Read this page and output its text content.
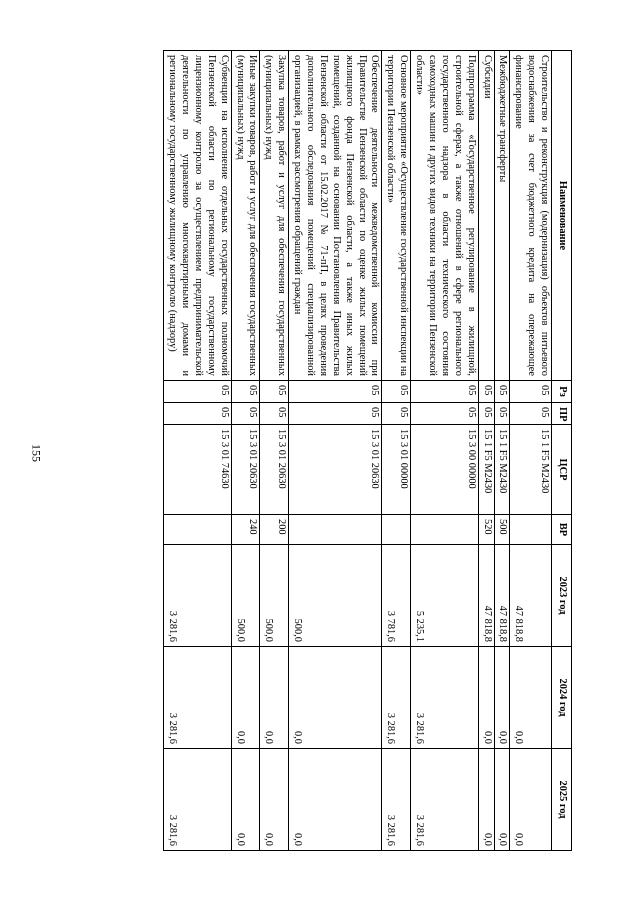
155
Наименование	Рз	ПР	ЦСР	ВР	2023 год	2024 год	2025 год
Строительство и реконструкция (модернизация) объектов питьевого водоснабжения за счет бюджетного кредита на опережающее финансирование	05	05	15 1 F5 M2430		47 818,8	0,0	0,0
Межбюджетные трансферты	05	05	15 1 F5 M2430	500	47 818,8	0,0	0,0
Субсидии	05	05	15 1 F5 M2430	520	47 818,8	0,0	0,0
Подпрограмма «Государственное регулирование в жилищной, строительной сферах, а также отношений в сфере регионального государственного надзора в области технического состояния самоходных машин и других видов техники на территории Пензенской области»	05	05	15 3 00 00000		5 235,1	3 281,6	3 281,6
Основное мероприятие «Осуществление государственной инспекции на территории Пензенской области»	05	05	15 3 01 00000		3 781,6	3 281,6	3 281,6
Обеспечение деятельности межведомственной комиссии при Правительстве Пензенской области по оценке жилых помещений жилищного фонда Пензенской области, а также иных жилых помещений, созданной на основании Постановления Правительства Пензенской области от 15.02.2017 № 71-пП, в целях проведения дополнительного обследования помещений специализированной организацией, в рамках рассмотрения обращений граждан	05	05	15 3 01 20630		500,0	0,0	0,0
Закупка товаров, работ и услуг для обеспечения государственных (муниципальных) нужд	05	05	15 3 01 20630	200	500,0	0,0	0,0
Иные закупки товаров, работ и услуг для обеспечения государственных (муниципальных) нужд	05	05	15 3 01 20630	240	500,0	0,0	0,0
Субвенции на исполнение отдельных государственных полномочий Пензенской области по региональному государственному лицензионному контролю за осуществлением предпринимательской деятельности по управлению многоквартирными домами и региональному государственному жилищному контролю (надзору)	05	05	15 3 01 74630		3 281,6	3 281,6	3 281,6
